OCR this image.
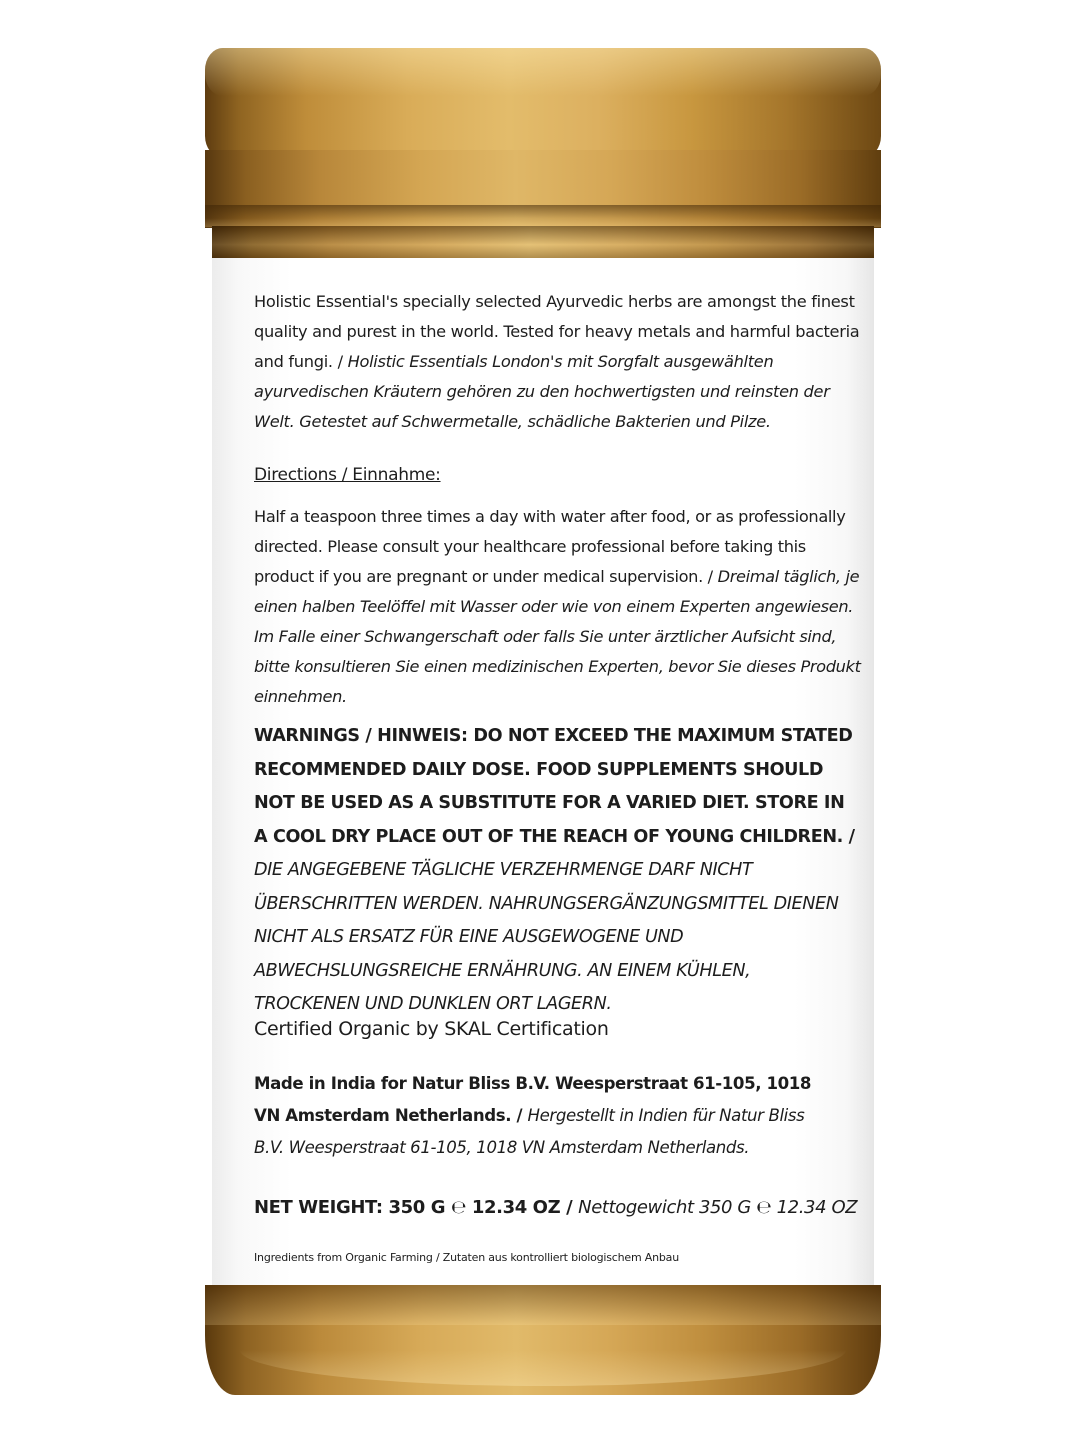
Holistic Essential's specially selected Ayurvedic herbs are amongst the finest quality and purest in the world. Tested for heavy metals and harmful bacteria and fungi. / Holistic Essentials London's mit Sorgfalt ausgewählten ayurvedischen Kräutern gehören zu den hochwertigsten und reinsten der Welt. Getestet auf Schwermetalle, schädliche Bakterien und Pilze.
Directions / Einnahme:
Half a teaspoon three times a day with water after food, or as professionally directed. Please consult your healthcare professional before taking this product if you are pregnant or under medical supervision. / Dreimal täglich, je einen halben Teelöffel mit Wasser oder wie von einem Experten angewiesen. Im Falle einer Schwangerschaft oder falls Sie unter ärztlicher Aufsicht sind, bitte konsultieren Sie einen medizinischen Experten, bevor Sie dieses Produkt einnehmen.
WARNINGS / HINWEIS: DO NOT EXCEED THE MAXIMUM STATED RECOMMENDED DAILY DOSE. FOOD SUPPLEMENTS SHOULD NOT BE USED AS A SUBSTITUTE FOR A VARIED DIET. STORE IN A COOL DRY PLACE OUT OF THE REACH OF YOUNG CHILDREN. / DIE ANGEGEBENE TÄGLICHE VERZEHRMENGE DARF NICHT ÜBERSCHRITTEN WERDEN. NAHRUNGSERGÄNZUNGSMITTEL DIENEN NICHT ALS ERSATZ FÜR EINE AUSGEWOGENE UND ABWECHSLUNGSREICHE ERNÄHRUNG. AN EINEM KÜHLEN, TROCKENEN UND DUNKLEN ORT LAGERN.
Certified Organic by SKAL Certification
Made in India for Natur Bliss B.V. Weesperstraat 61-105, 1018 VN Amsterdam Netherlands. / Hergestellt in Indien für Natur Bliss B.V. Weesperstraat 61-105, 1018 VN Amsterdam Netherlands.
NET WEIGHT: 350 G ℮ 12.34 OZ / Nettogewicht 350 G ℮ 12.34 OZ
Ingredients from Organic Farming / Zutaten aus kontrolliert biologischem Anbau
